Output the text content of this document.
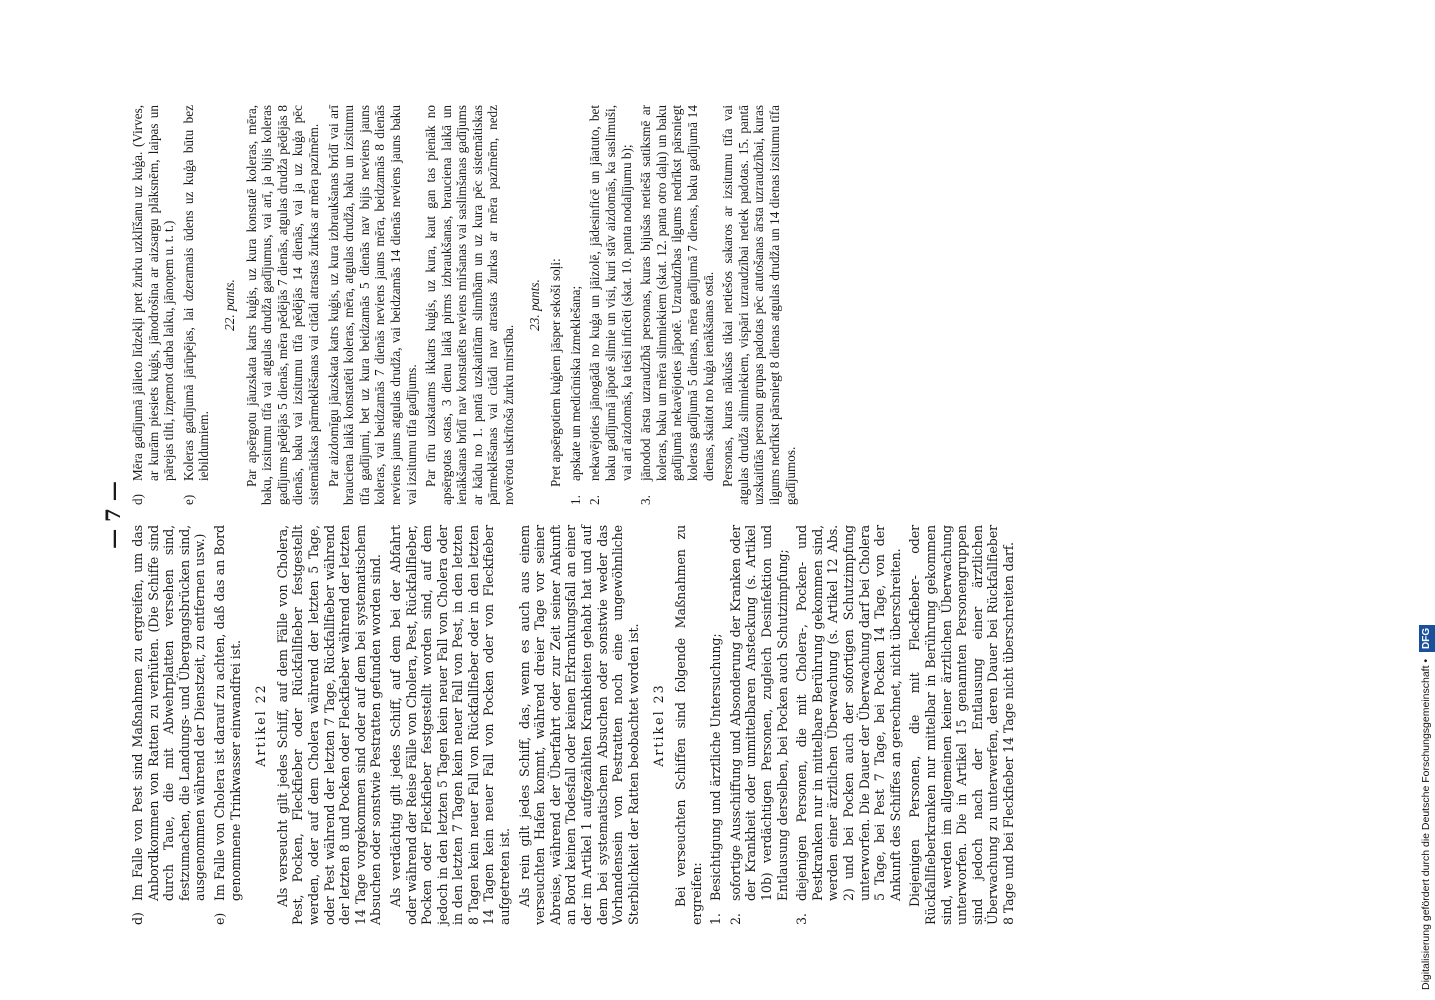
— 7 —
d)
Im Falle von Pest sind Maßnahmen zu ergreifen, um das Anbordkommen von Ratten zu verhüten. (Die Schiffe sind durch Taue, die mit Abwehrplatten versehen sind, festzumachen, die Landungs- und Übergangsbrücken sind, ausgenommen während der Dienstzeit, zu entfernen usw.)
e)
Im Falle von Cholera ist darauf zu achten, daß das an Bord genommene Trinkwasser einwandfrei ist. Artikel 22 Als verseucht gilt jedes Schiff, auf dem Fälle von Cholera, Pest, Pocken, Fleckfieber oder Rückfallfieber festgestellt werden, oder auf dem Cholera während der letzten 5 Tage, oder Pest während der letzten 7 Tage, Rückfallfieber während der letzten 8 und Pocken oder Fleckfieber während der letzten 14 Tage vorgekommen sind oder auf dem bei systematischem Absuchen oder sonstwie Pestratten gefunden worden sind. Als verdächtig gilt jedes Schiff, auf dem bei der Abfahrt oder während der Reise Fälle von Cholera, Pest, Rückfallfieber, Pocken oder Fleckfieber festgestellt worden sind, auf dem jedoch in den letzten 5 Tagen kein neuer Fall von Cholera oder in den letzten 7 Tagen kein neuer Fall von Pest, in den letzten 8 Tagen kein neuer Fall von Rückfallfieber oder in den letzten 14 Tagen kein neuer Fall von Pocken oder von Fleckfieber aufgetreten ist. Als rein gilt jedes Schiff, das, wenn es auch aus einem verseuchten Hafen kommt, während dreier Tage vor seiner Abreise, während der Überfahrt oder zur Zeit seiner Ankunft an Bord keinen Todesfall oder keinen Erkrankungsfall an einer der im Artikel 1 aufgezählten Krankheiten gehabt hat und auf dem bei systematischem Absuchen oder sonstwie weder das Vorhandensein von Pestratten noch eine ungewöhnliche Sterblichkeit der Ratten beobachtet worden ist. Artikel 23 Bei verseuchten Schiffen sind folgende Maßnahmen zu ergreifen: 1.
Besichtigung und ärztliche Untersuchung;
2.
sofortige Ausschiffung und Absonderung der Kranken oder der Krankheit oder unmittelbaren Ansteckung (s. Artikel 10b) verdächtigen Personen, zugleich Desinfektion und Entlausung derselben, bei Pocken auch Schutzimpfung;
3.
diejenigen Personen, die mit Cholera-, Pocken- und Pestkranken nur in mittelbare Berührung gekommen sind, werden einer ärztlichen Überwachung (s. Artikel 12 Abs. 2) und bei Pocken auch der sofortigen Schutzimpfung unterworfen. Die Dauer der Überwachung darf bei Cholera 5 Tage, bei Pest 7 Tage, bei Pocken 14 Tage, von der Ankunft des Schiffes an gerechnet, nicht überschreiten. Diejenigen Personen, die mit Fleckfieber- oder Rückfallfieberkranken nur mittelbar in Berührung gekommen sind, werden im allgemeinen keiner ärztlichen Überwachung unterworfen. Die in Artikel 15 genannten Personengruppen sind jedoch nach der Entlausung einer ärztlichen Überwachung zu unterwerfen, deren Dauer bei Rückfallfieber 8 Tage und bei Fleckfieber 14 Tage nicht überschreiten darf.

d)
Mēra gadījumā jālieto līdzekļi pret žurku uzklīšanu uz kuģa. (Virves, ar kurām piesiets kuģis, jānodrošina ar aizsargu plāksnēm, laipas un pārejas tilti, izņemot darba laiku, jānoņem u. t. t.)
e)
Koleras gadījumā jārūpējas, lai dzeramais ūdens uz kuģa būtu bez iebildumiem.
22. pants. Par apsērgotu jāuzskata katrs kuģis, uz kura konstatē koleras, mēra, baku, izsitumu tīfa vai atgulas drudža gadījumus, vai arī, ja bijis koleras gadījums pēdējās 5 dienās, mēra pēdējās 7 dienās, atgulas drudža pēdējās 8 dienās, baku vai izsitumu tīfa pēdējās 14 dienās, vai ja uz kuģa pēc sistemātiskas pārmeklēšanas vai citādi atrastas žurkas ar mēra pazīmēm. Par aizdomīgu jāuzskata katrs kuģis, uz kura izbraukšanas brīdī vai arī brauciena laikā konstatēti koleras, mēra, atgulas drudža, baku un izsitumu tīfa gadījumi, bet uz kura beidzamās 5 dienās nav bijis neviens jauns koleras, vai beidzamās 7 dienās neviens jauns mēra, beidzamās 8 dienās neviens jauns atgulas drudža, vai beidzamās 14 dienās neviens jauns baku vai izsitumu tīfa gadījums. Par tīru uzskatams ikkatrs kuģis, uz kura, kaut gan tas pienāk no apsērgotas ostas, 3 dienu laikā pirms izbraukšanas, brauciena laikā un ienākšanas brīdī nav konstatēts neviens miršanas vai saslimšanas gadījums ar kādu no 1. pantā uzskaitītām slimībām un uz kura pēc sistemātiskas pārmeklēšanas vai citādi nav atrastas žurkas ar mēra pazīmēm, nedz novērota uskrītoša žurku mirstība.

23. pants. Pret apsērgotiem kuģiem jāsper sekoši soļi:

1.
apskate un medicīniska izmeklešana;
2.
nekavējoties jānogādā no kuģa un jāizolē, jādesinficē un jāatutо, bet baku gadījumā jāpotē slimie un visi, kuri stāv aizdomās, ka saslimuši, vai arī aizdomās, ka tieši inficēti (skat. 10. panta nodalījumu b);
3.
jānodod ārsta uzraudzībā personas, kuras bijušas netiešā satiksmē ar koleras, baku un mēra slimniekiem (skat. 12. panta otro daļu) un baku gadījumā nekavējoties jāpotē. Uzraudzības ilgums nedrīkst pārsniegt koleras gadījumā 5 dienas, mēra gadījumā 7 dienas, baku gadījumā 14 dienas, skaitot no kuģa ienākšanas ostā. Personas, kuras nākušas tikai netiešos sakaros ar izsitumu tīfa vai atgulas drudža slimniekiem, vispāri uzraudzībai netiek padotas. 15. pantā uzskaitītās personu grupas padotas pēc atutošanas ārsta uzraudzībai, kuras ilgums nedrīkst pārsniegt 8 dienas atgulas drudža un 14 dienas izsitumu tīfa gadījumos.

Digitalisierung gefördert durch die Deutsche Forschungsgemeinschaft • DFG
